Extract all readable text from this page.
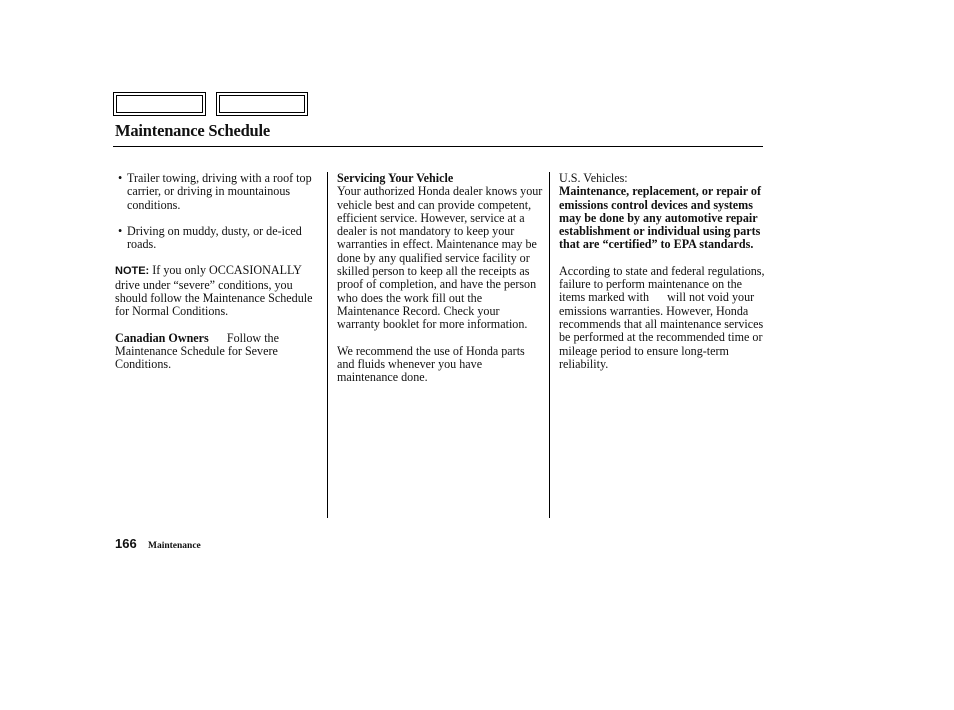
Maintenance Schedule
• Trailer towing, driving with a roof top carrier, or driving in mountainous conditions.
• Driving on muddy, dusty, or de-iced roads.

NOTE: If you only OCCASIONALLY drive under “severe” conditions, you should follow the Maintenance Schedule for Normal Conditions.

Canadian Owners      Follow the Maintenance Schedule for Severe Conditions.

Servicing Your Vehicle

Your authorized Honda dealer knows your vehicle best and can provide competent, efficient service. However, service at a dealer is not mandatory to keep your warranties in effect. Maintenance may be done by any qualified service facility or skilled person to keep all the receipts as proof of completion, and have the person who does the work fill out the Maintenance Record. Check your warranty booklet for more information.

We recommend the use of Honda parts and fluids whenever you have maintenance done.

U.S. Vehicles:

Maintenance, replacement, or repair of emissions control devices and systems may be done by any automotive repair establishment or individual using parts that are “certified” to EPA standards.

According to state and federal regulations, failure to perform maintenance on the items marked with      will not void your emissions warranties. However, Honda recommends that all maintenance services be performed at the recommended time or mileage period to ensure long-term reliability.

166 Maintenance
